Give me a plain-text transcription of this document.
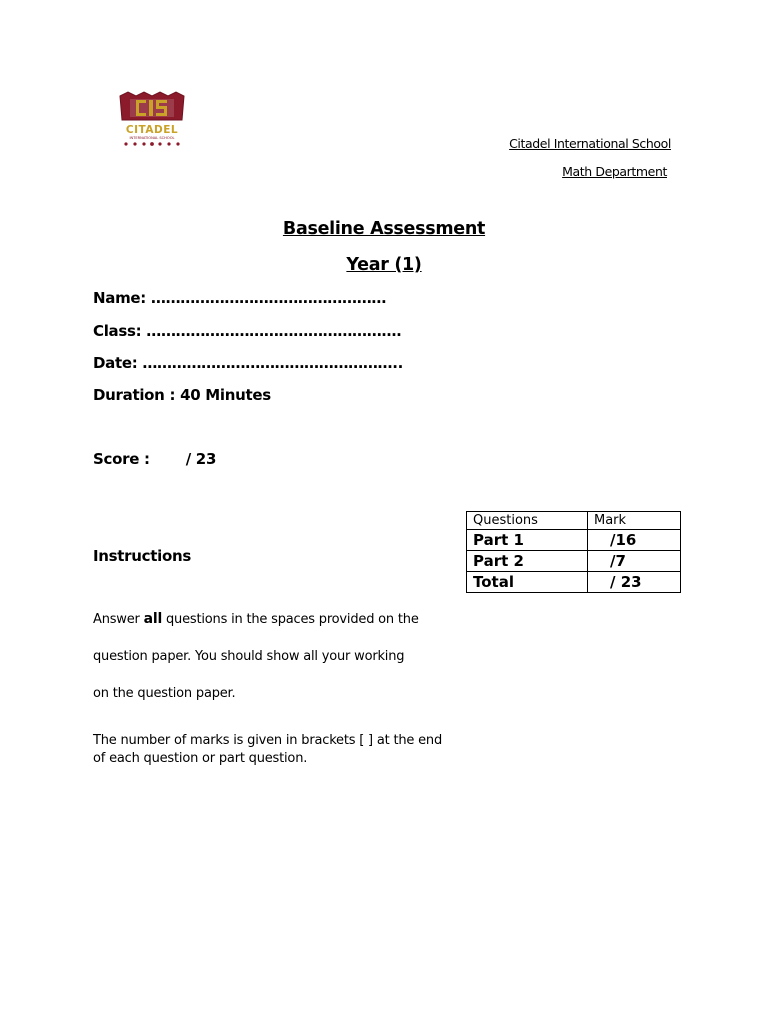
CITADEL
INTERNATIONAL SCHOOL	Citadel International School
Math Department
Baseline Assessment
Year (1)
Name: …………………………………………
Class: …………………………………………….
Date: ……………………………………………..
Duration : 40 Minutes
Score : / 23
Questions	Mark
Part 1	/16
Part 2	/7
Total	/ 23
Instructions
Answer all questions in the spaces provided on the
question paper. You should show all your working
on the question paper.
The number of marks is given in brackets [ ] at the end
of each question or part question.
